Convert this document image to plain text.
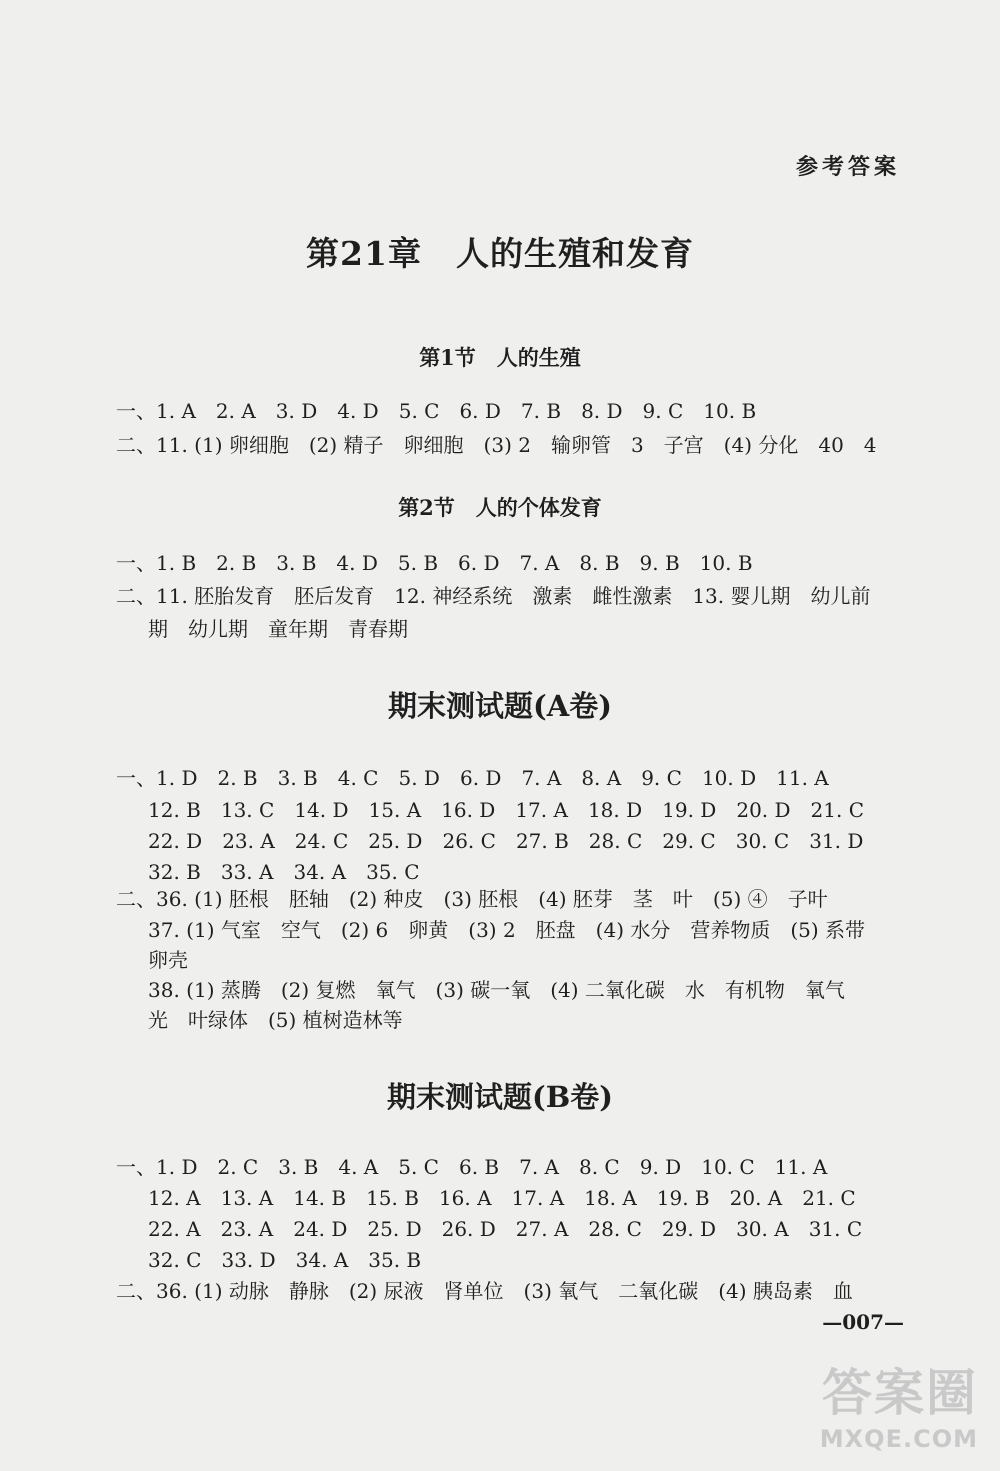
参考答案
第21章　人的生殖和发育
第1节　人的生殖
一、1. A　2. A　3. D　4. D　5. C　6. D　7. B　8. D　9. C　10. B
二、11. (1) 卵细胞　(2) 精子　卵细胞　(3) 2　输卵管　3　子宫　(4) 分化　40　4
第2节　人的个体发育
一、1. B　2. B　3. B　4. D　5. B　6. D　7. A　8. B　9. B　10. B
二、11. 胚胎发育　胚后发育　12. 神经系统　激素　雌性激素　13. 婴儿期　幼儿前
期　幼儿期　童年期　青春期
期末测试题(A卷)
一、1. D　2. B　3. B　4. C　5. D　6. D　7. A　8. A　9. C　10. D　11. A
12. B　13. C　14. D　15. A　16. D　17. A　18. D　19. D　20. D　21. C
22. D　23. A　24. C　25. D　26. C　27. B　28. C　29. C　30. C　31. D
32. B　33. A　34. A　35. C
二、36. (1) 胚根　胚轴　(2) 种皮　(3) 胚根　(4) 胚芽　茎　叶　(5) ④　子叶
37. (1) 气室　空气　(2) 6　卵黄　(3) 2　胚盘　(4) 水分　营养物质　(5) 系带
卵壳
38. (1) 蒸腾　(2) 复燃　氧气　(3) 碳一氧　(4) 二氧化碳　水　有机物　氧气
光　叶绿体　(5) 植树造林等
期末测试题(B卷)
一、1. D　2. C　3. B　4. A　5. C　6. B　7. A　8. C　9. D　10. C　11. A
12. A　13. A　14. B　15. B　16. A　17. A　18. A　19. B　20. A　21. C
22. A　23. A　24. D　25. D　26. D　27. A　28. C　29. D　30. A　31. C
32. C　33. D　34. A　35. B
二、36. (1) 动脉　静脉　(2) 尿液　肾单位　(3) 氧气　二氧化碳　(4) 胰岛素　血
—007—
答案圈
MXQE.COM
